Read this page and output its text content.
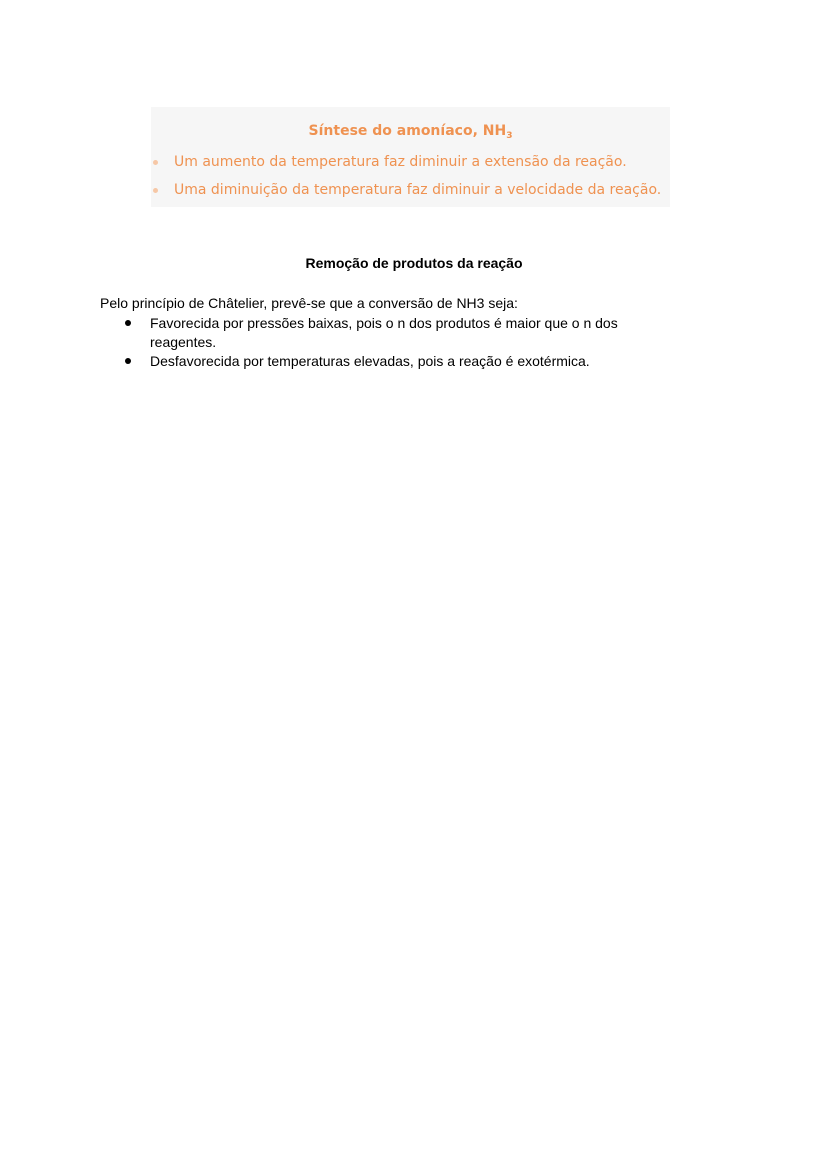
Síntese do amoníaco, $NH_3$
Um aumento da temperatura faz diminuir a extensão da reação.
Uma diminuição da temperatura faz diminuir a velocidade da reação.
Remoção de produtos da reação
Pelo princípio de Châtelier, prevê-se que a conversão de NH3 seja:
Favorecida por pressões baixas, pois o n dos produtos é maior que o n dos reagentes.
Desfavorecida por temperaturas elevadas, pois a reação é exotérmica.
